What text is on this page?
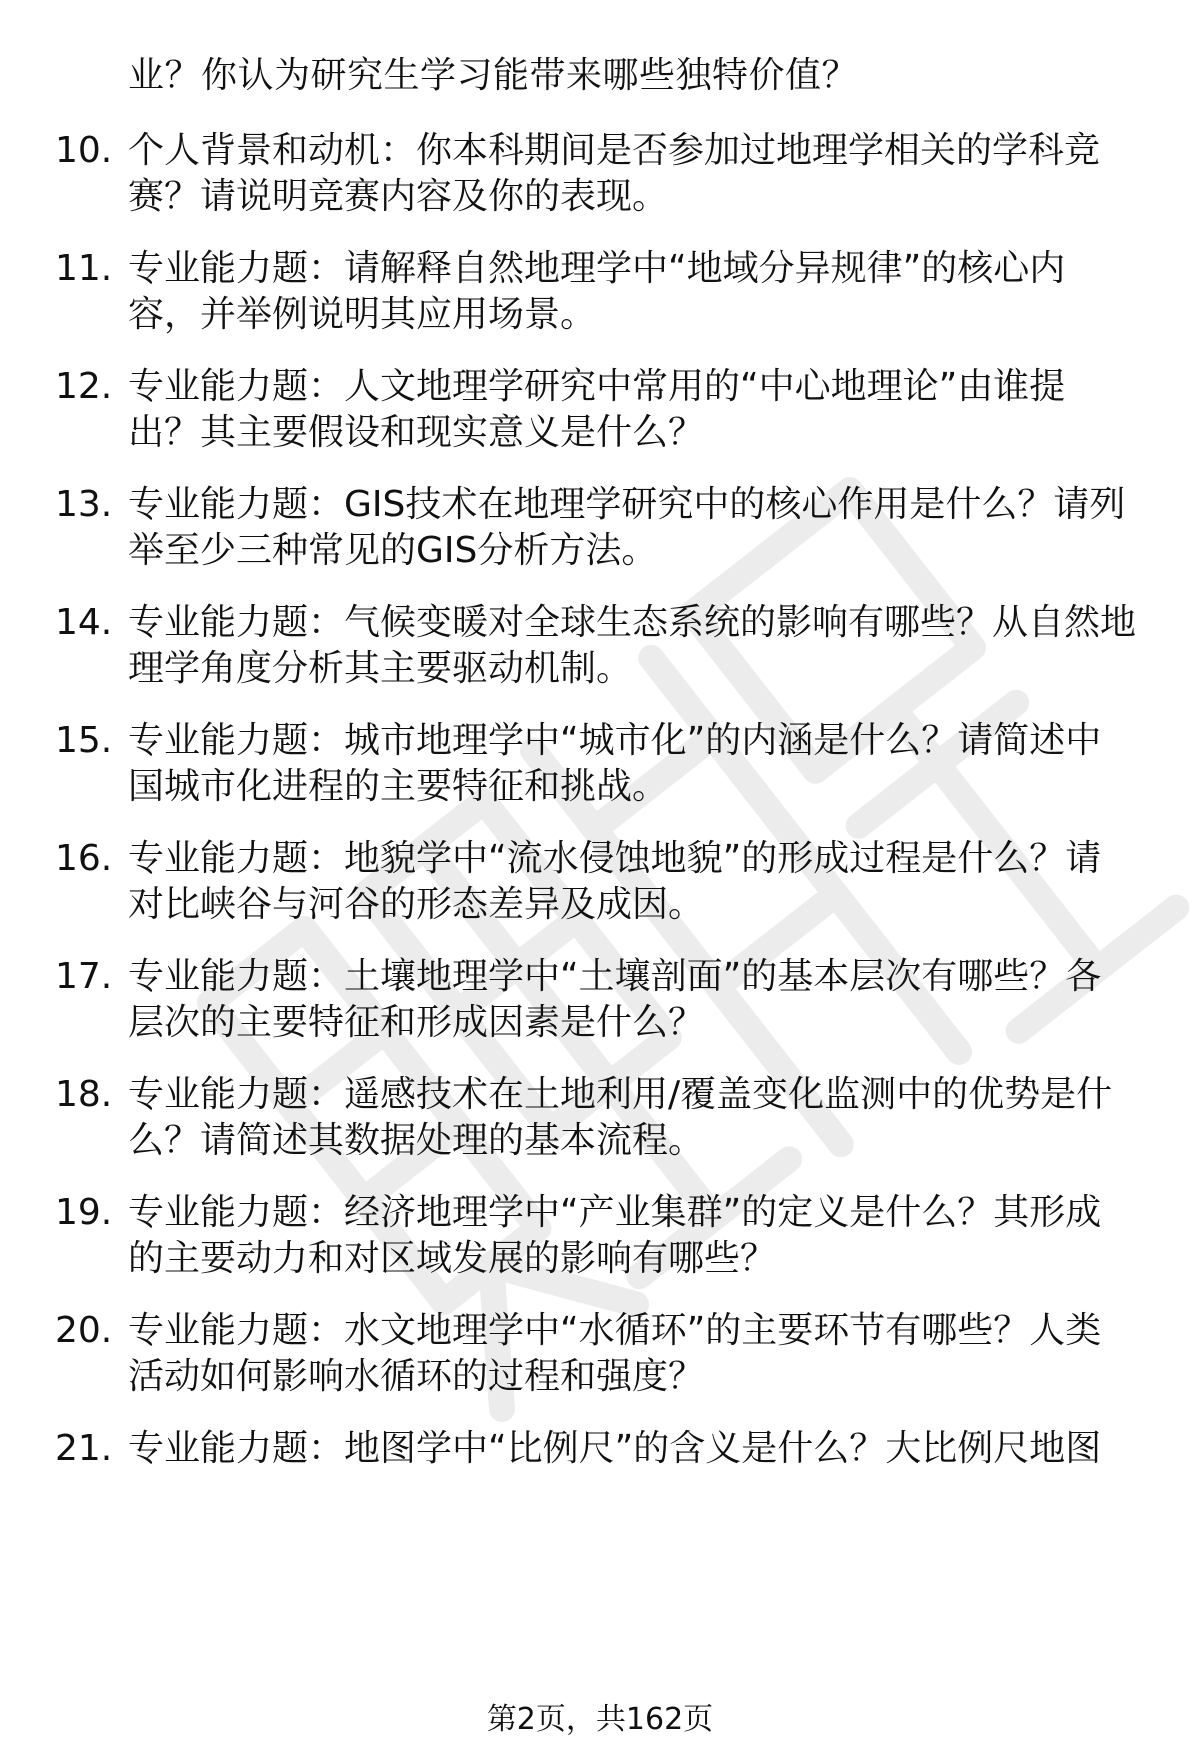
业？你认为研究生学习能带来哪些独特价值？
10. 个人背景和动机：你本科期间是否参加过地理学相关的学科竞
赛？请说明竞赛内容及你的表现。
11. 专业能力题：请解释自然地理学中“地域分异规律”的核心内
容，并举例说明其应用场景。
12. 专业能力题：人文地理学研究中常用的“中心地理论”由谁提
出？其主要假设和现实意义是什么？
13. 专业能力题：GIS技术在地理学研究中的核心作用是什么？请列
举至少三种常见的GIS分析方法。
14. 专业能力题：气候变暖对全球生态系统的影响有哪些？从自然地
理学角度分析其主要驱动机制。
15. 专业能力题：城市地理学中“城市化”的内涵是什么？请简述中
国城市化进程的主要特征和挑战。
16. 专业能力题：地貌学中“流水侵蚀地貌”的形成过程是什么？请
对比峡谷与河谷的形态差异及成因。
17. 专业能力题：土壤地理学中“土壤剖面”的基本层次有哪些？各
层次的主要特征和形成因素是什么？
18. 专业能力题：遥感技术在土地利用/覆盖变化监测中的优势是什
么？请简述其数据处理的基本流程。
19. 专业能力题：经济地理学中“产业集群”的定义是什么？其形成
的主要动力和对区域发展的影响有哪些？
20. 专业能力题：水文地理学中“水循环”的主要环节有哪些？人类
活动如何影响水循环的过程和强度？
21. 专业能力题：地图学中“比例尺”的含义是什么？大比例尺地图
第2页，共162页
